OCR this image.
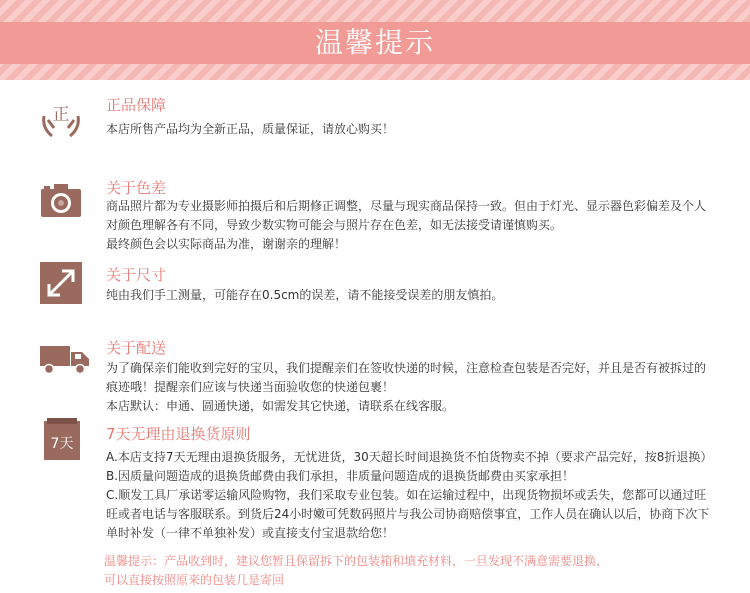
温馨提示
正 正品保障

本店所售产品均为全新正品，质量保证，请放心购买！

关于色差

商品照片都为专业摄影师拍摄后和后期修正调整，尽量与现实商品保持一致。但由于灯光、显示器色彩偏差及个人

对颜色理解各有不同，导致少数实物可能会与照片存在色差，如无法接受请谨慎购买。

最终颜色会以实际商品为准，谢谢亲的理解！

关于尺寸

纯由我们手工测量，可能存在0.5cm的误差，请不能接受误差的朋友慎拍。

关于配送

为了确保亲们能收到完好的宝贝，我们提醒亲们在签收快递的时候，注意检查包装是否完好，并且是否有被拆过的

痕迹哦！提醒亲们应该与快递当面验收您的快递包裹！

本店默认：申通、圆通快递，如需发其它快递，请联系在线客服。

7天
7天无理由退换货原则

A.本店支持7天无理由退换货服务，无忧进货，30天超长时间退换货不怕货物卖不掉（要求产品完好，按8折退换）

B.因质量问题造成的退换货邮费由我们承担，非质量问题造成的退换货邮费由买家承担！

C.顺发工具厂承诺零运输风险购物，我们采取专业包装。如在运输过程中，出现货物损坏或丢失，您都可以通过旺

旺或者电话与客服联系。到货后24小时嫩可凭数码照片与我公司协商赔偿事宜，工作人员在确认以后，协商下次下

单时补发（一律不单独补发）或直接支付宝退款给您！

温馨提示：产品收到时，建议您暂且保留拆下的包装箱和填充材料，一旦发现不满意需要退换，

可以直接按照原来的包装几是寄回
